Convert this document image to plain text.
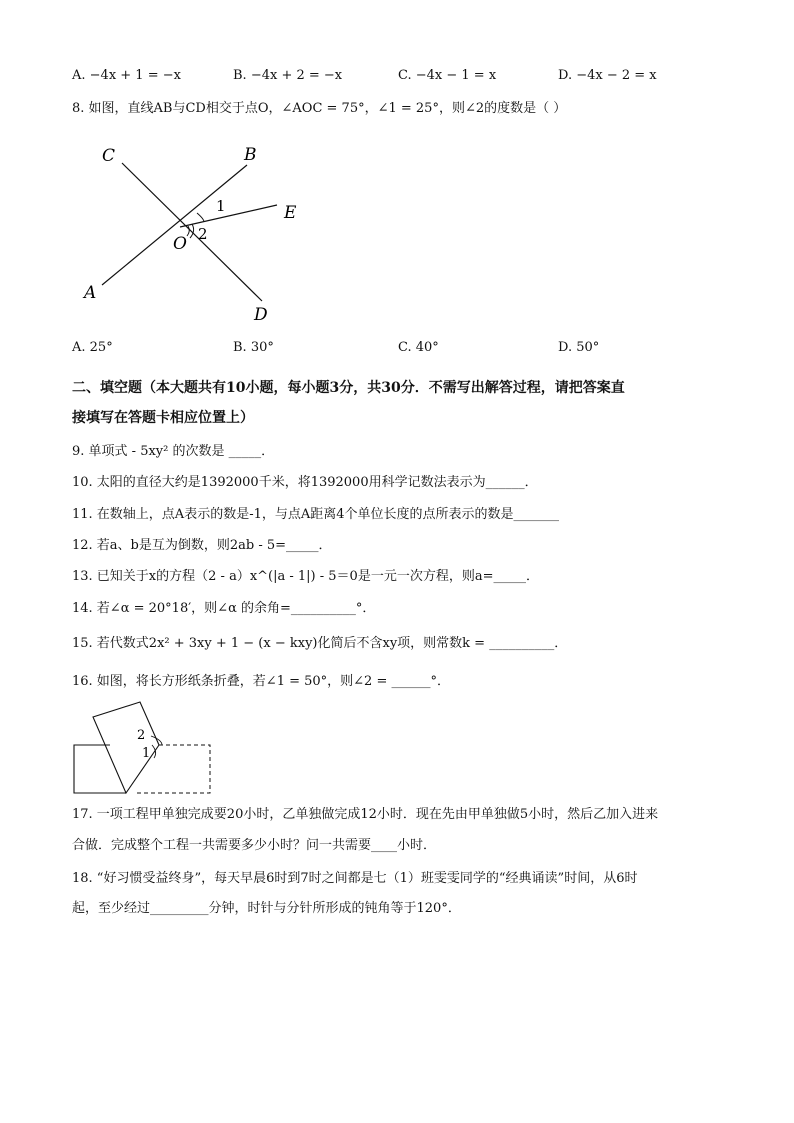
A. −4x + 1 = −x	B. −4x + 2 = −x	C. −4x − 1 = x	D. −4x − 2 = x
8. 如图，直线AB与CD相交于点O，∠AOC = 75°，∠1 = 25°，则∠2的度数是（ ）
C	B
E
O
A
D
1
2
A. 25°	B. 30°	C. 40°	D. 50°
二、填空题（本大题共有10小题，每小题3分，共30分．不需写出解答过程，请把答案直
接填写在答题卡相应位置上）
9. 单项式 - 5xy² 的次数是 _____．
10. 太阳的直径大约是1392000千米，将1392000用科学记数法表示为______．
11. 在数轴上，点A表示的数是-1，与点A距离4个单位长度的点所表示的数是_______
12. 若a、b是互为倒数，则2ab - 5=_____．
13. 已知关于x的方程（2 - a）x^(|a - 1|) - 5＝0是一元一次方程，则a=_____．
14. 若∠α = 20°18′，则∠α 的余角=__________°．
15. 若代数式2x² + 3xy + 1 − (x − kxy)化简后不含xy项，则常数k = __________．
16. 如图，将长方形纸条折叠，若∠1 = 50°，则∠2 = ______°．
2
1
17. 一项工程甲单独完成要20小时，乙单独做完成12小时．现在先由甲单独做5小时，然后乙加入进来
合做．完成整个工程一共需要多少小时？问一共需要____小时．
18. “好习惯受益终身”，每天早晨6时到7时之间都是七（1）班雯雯同学的“经典诵读”时间，从6时
起，至少经过_________分钟，时针与分针所形成的钝角等于120°．
